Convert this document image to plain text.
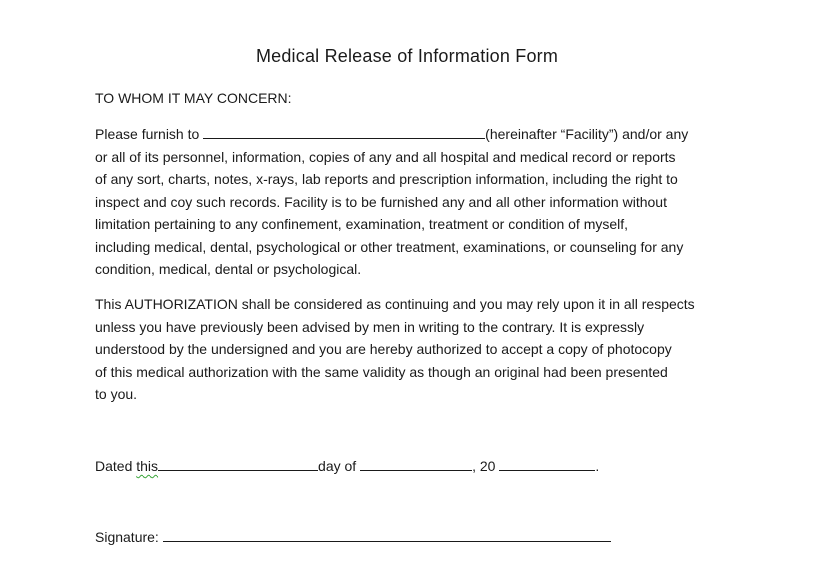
Medical Release of Information Form
TO WHOM IT MAY CONCERN:
Please furnish to	(hereinafter “Facility”) and/or any
or all of its personnel, information, copies of any and all hospital and medical record or reports
of any sort, charts, notes, x-rays, lab reports and prescription information, including the right to
inspect and coy such records. Facility is to be furnished any and all other information without
limitation pertaining to any confinement, examination, treatment or condition of myself,
including medical, dental, psychological or other treatment, examinations, or counseling for any
condition, medical, dental or psychological.
This AUTHORIZATION shall be considered as continuing and you may rely upon it in all respects
unless you have previously been advised by men in writing to the contrary. It is expressly
understood by the undersigned and you are hereby authorized to accept a copy of photocopy
of this medical authorization with the same validity as though an original had been presented
to you.
Dated this	day of	, 20	.
Signature:
